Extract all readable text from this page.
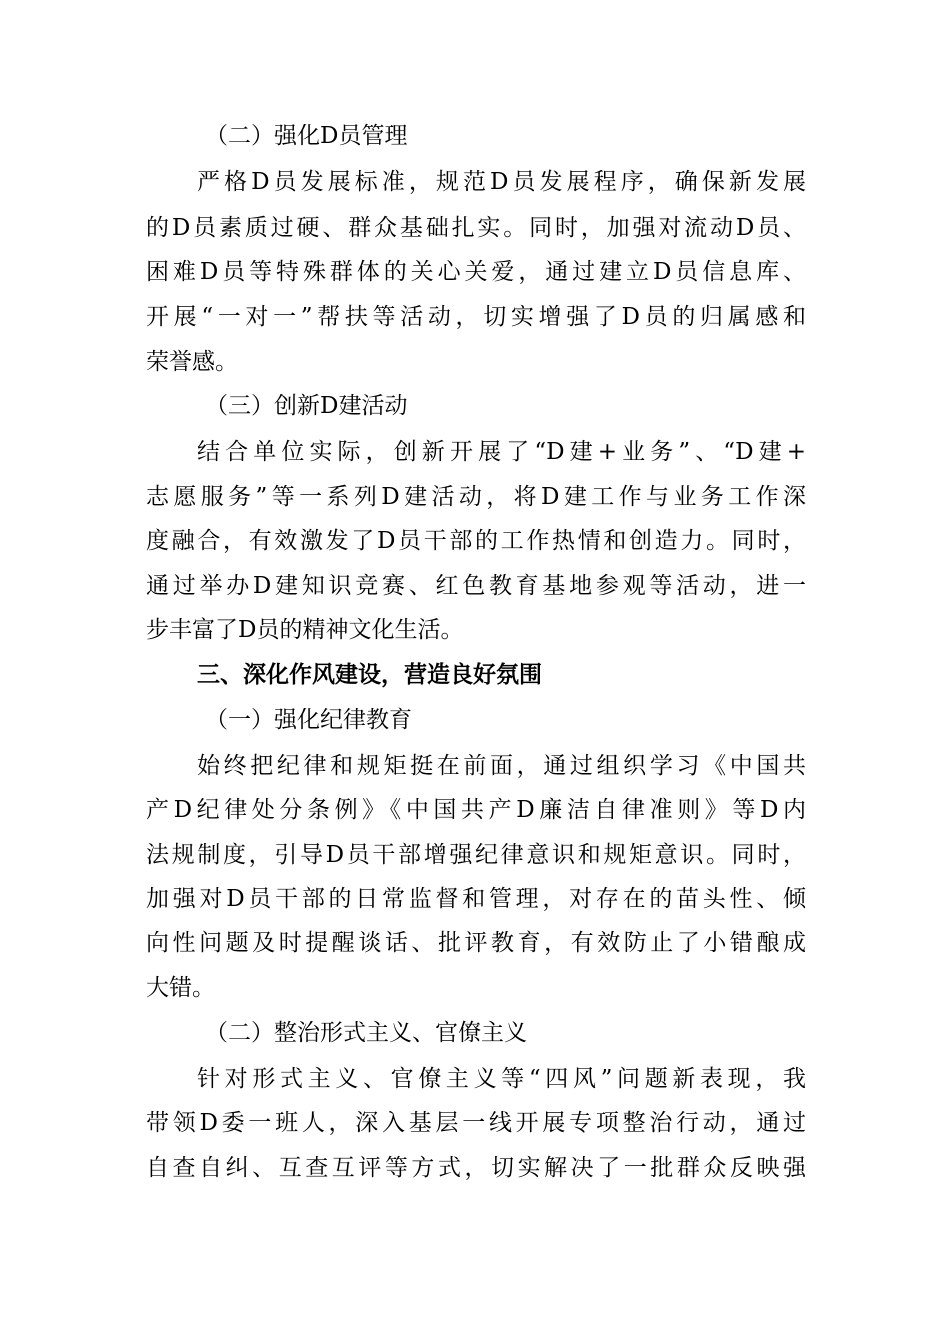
（二）强化D员管理
严格D员发展标准，规范D员发展程序，确保新发展
的D员素质过硬、群众基础扎实。同时，加强对流动D员、
困难D员等特殊群体的关心关爱，通过建立D员信息库、
开展“一对一”帮扶等活动，切实增强了D员的归属感和
荣誉感。
（三）创新D建活动
结合单位实际，创新开展了“D建+业务”、“D建+
志愿服务”等一系列D建活动，将D建工作与业务工作深
度融合，有效激发了D员干部的工作热情和创造力。同时，
通过举办D建知识竞赛、红色教育基地参观等活动，进一
步丰富了D员的精神文化生活。
三、深化作风建设，营造良好氛围
（一）强化纪律教育
始终把纪律和规矩挺在前面，通过组织学习《中国共
产D纪律处分条例》《中国共产D廉洁自律准则》等D内
法规制度，引导D员干部增强纪律意识和规矩意识。同时，
加强对D员干部的日常监督和管理，对存在的苗头性、倾
向性问题及时提醒谈话、批评教育，有效防止了小错酿成
大错。
（二）整治形式主义、官僚主义
针对形式主义、官僚主义等“四风”问题新表现，我
带领D委一班人，深入基层一线开展专项整治行动，通过
自查自纠、互查互评等方式，切实解决了一批群众反映强
